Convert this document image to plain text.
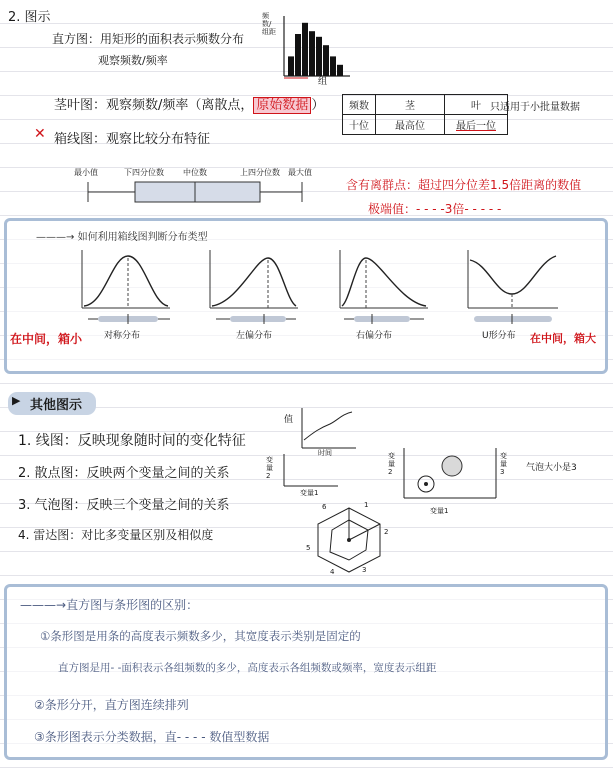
2. 图示
直方图：用矩形的面积表示频数分布
观察频数/频率
频数/组距
组
茎叶图：观察频数/频率（离散点， 原始数据 ） 频数	茎	叶
十位	最高位	最后一位
只适用于小批量数据
✕ 箱线图：观察比较分布特征
最小值	下四分位数 中位数	上四分位数 最大值
含有离群点：超过四分位差1.5倍距离的数值
极端值：- - - -3倍- - - - -
———→ 如何利用箱线图判断分布类型
对称分布	左偏分布	右偏分布	U形分布
在中间，箱小	在中间，箱大
其他图示
▶
1. 线图：反映现象随时间的变化特征
2. 散点图：反映两个变量之间的关系
3. 气泡图：反映三个变量之间的关系
4. 雷达图：对比多变量区别及相似度
值
时间
变量2
变量1
变量2
变量3
变量1
气泡大小是3
1
2
3
4
5
6
———→直方图与条形图的区别：
①条形图是用条的高度表示频数多少，其宽度表示类别是固定的
直方图是用- -面积表示各组频数的多少，高度表示各组频数或频率，宽度表示组距
②条形分开，直方图连续排列
③条形图表示分类数据，直- - - - 数值型数据
